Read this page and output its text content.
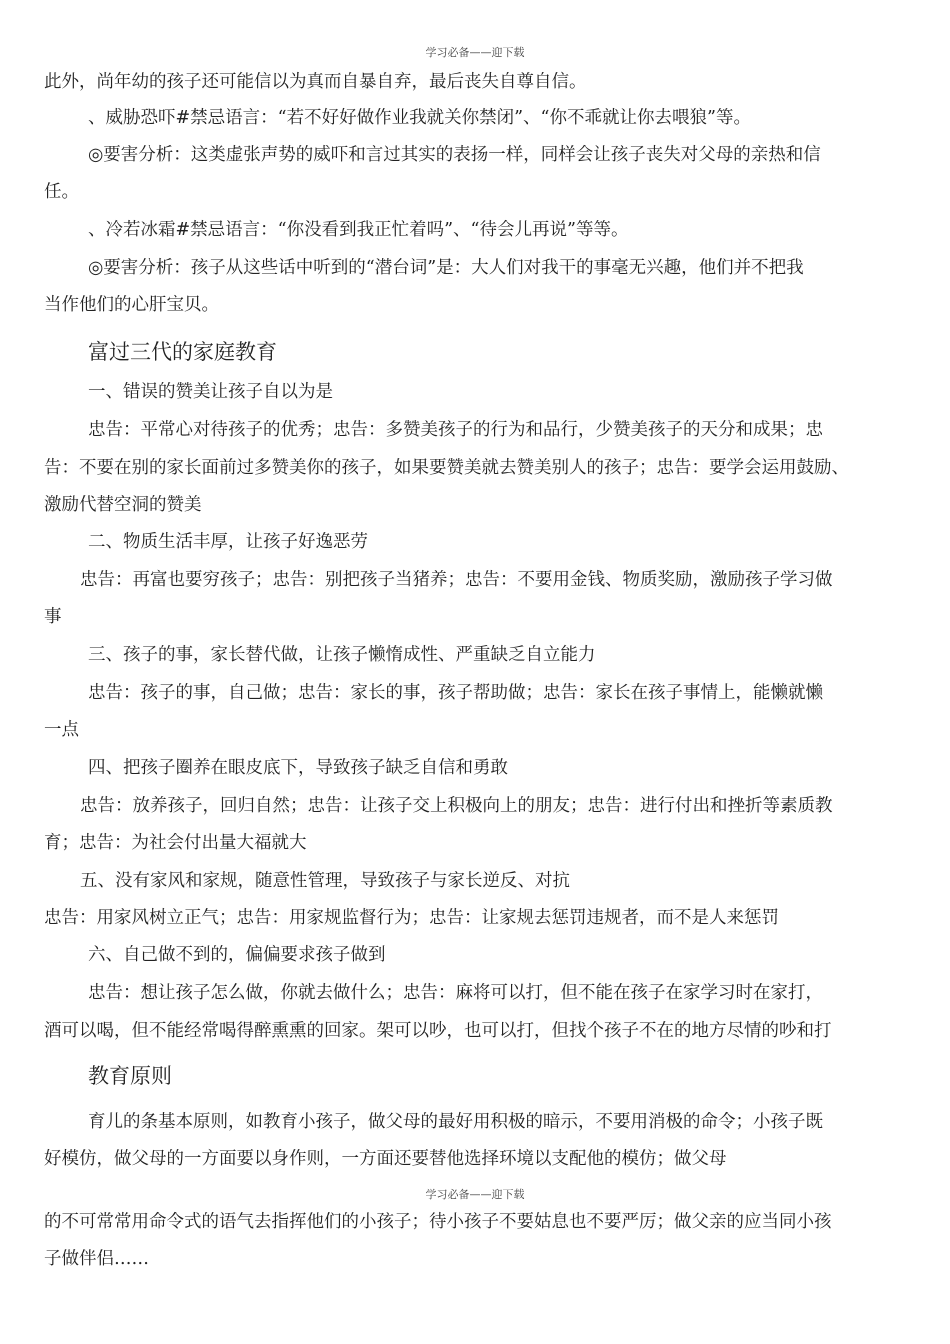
学习必备——迎下载
此外，尚年幼的孩子还可能信以为真而自暴自弃，最后丧失自尊自信。
、威胁恐吓#禁忌语言：“若不好好做作业我就关你禁闭”、“你不乖就让你去喂狼”等。
◎要害分析：这类虚张声势的威吓和言过其实的表扬一样，同样会让孩子丧失对父母的亲热和信
任。
、冷若冰霜#禁忌语言：“你没看到我正忙着吗”、“待会儿再说”等等。
◎要害分析：孩子从这些话中听到的“潜台词”是：大人们对我干的事毫无兴趣，他们并不把我
当作他们的心肝宝贝。
富过三代的家庭教育
一、错误的赞美让孩子自以为是
忠告：平常心对待孩子的优秀；忠告：多赞美孩子的行为和品行，少赞美孩子的天分和成果；忠
告：不要在别的家长面前过多赞美你的孩子，如果要赞美就去赞美别人的孩子；忠告：要学会运用鼓励、
激励代替空洞的赞美
二、物质生活丰厚，让孩子好逸恶劳
忠告：再富也要穷孩子；忠告：别把孩子当猪养；忠告：不要用金钱、物质奖励，激励孩子学习做
事
三、孩子的事，家长替代做，让孩子懒惰成性、严重缺乏自立能力
忠告：孩子的事，自己做；忠告：家长的事，孩子帮助做；忠告：家长在孩子事情上，能懒就懒
一点
四、把孩子圈养在眼皮底下，导致孩子缺乏自信和勇敢
忠告：放养孩子，回归自然；忠告：让孩子交上积极向上的朋友；忠告：进行付出和挫折等素质教
育；忠告：为社会付出量大福就大
五、没有家风和家规，随意性管理，导致孩子与家长逆反、对抗
忠告：用家风树立正气；忠告：用家规监督行为；忠告：让家规去惩罚违规者，而不是人来惩罚
六、自己做不到的，偏偏要求孩子做到
忠告：想让孩子怎么做，你就去做什么；忠告：麻将可以打，但不能在孩子在家学习时在家打，
酒可以喝，但不能经常喝得醉熏熏的回家。架可以吵，也可以打，但找个孩子不在的地方尽情的吵和打
教育原则
育儿的条基本原则，如教育小孩子，做父母的最好用积极的暗示，不要用消极的命令；小孩子既
好模仿，做父母的一方面要以身作则，一方面还要替他选择环境以支配他的模仿；做父母
学习必备——迎下载
的不可常常用命令式的语气去指挥他们的小孩子；待小孩子不要姑息也不要严厉；做父亲的应当同小孩
子做伴侣……
